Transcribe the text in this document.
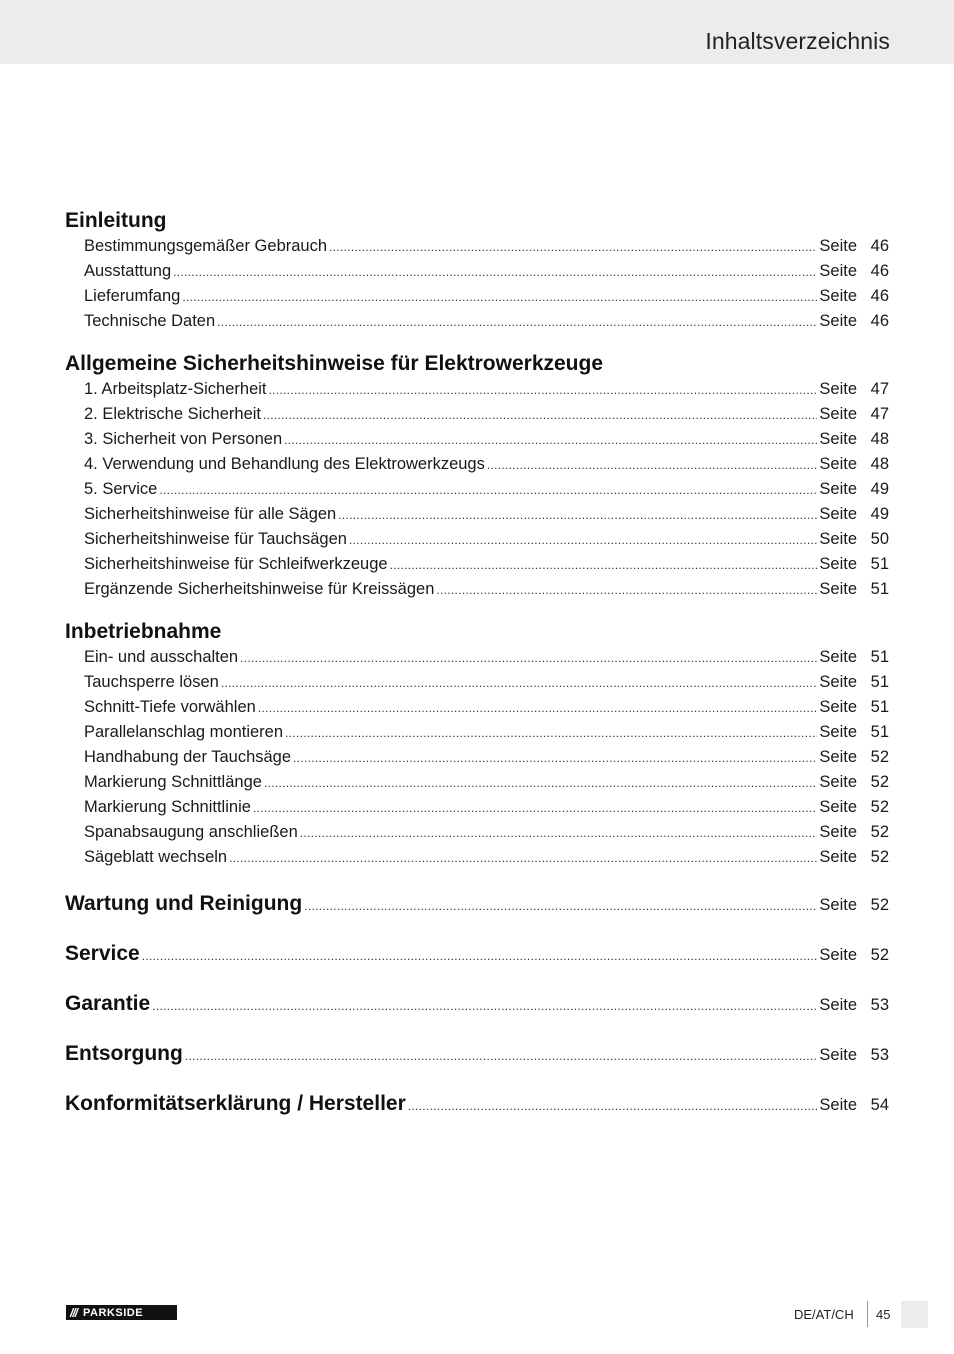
Inhaltsverzeichnis
Einleitung
Bestimmungsgemäßer Gebrauch .....	Seite 46
Ausstattung .....	Seite 46
Lieferumfang .....	Seite 46
Technische Daten .....	Seite 46
Allgemeine Sicherheitshinweise für Elektrowerkzeuge
1. Arbeitsplatz-Sicherheit .....	Seite 47
2. Elektrische Sicherheit .....	Seite 47
3. Sicherheit von Personen .....	Seite 48
4. Verwendung und Behandlung des Elektrowerkzeugs .....	Seite 48
5. Service .....	Seite 49
Sicherheitshinweise für alle Sägen .....	Seite 49
Sicherheitshinweise für Tauchsägen .....	Seite 50
Sicherheitshinweise für Schleifwerkzeuge .....	Seite 51
Ergänzende Sicherheitshinweise für Kreissägen .....	Seite 51
Inbetriebnahme
Ein- und ausschalten .....	Seite 51
Tauchsperre lösen .....	Seite 51
Schnitt-Tiefe vorwählen .....	Seite 51
Parallelanschlag montieren .....	Seite 51
Handhabung der Tauchsäge .....	Seite 52
Markierung Schnittlänge .....	Seite 52
Markierung Schnittlinie .....	Seite 52
Spanabsaugung anschließen .....	Seite 52
Sägeblatt wechseln .....	Seite 52
Wartung und Reinigung .....	Seite 52
Service .....	Seite 52
Garantie .....	Seite 53
Entsorgung .....	Seite 53
Konformitätserklärung / Hersteller .....	Seite 54
/// PARKSIDE	DE/AT/CH 45
